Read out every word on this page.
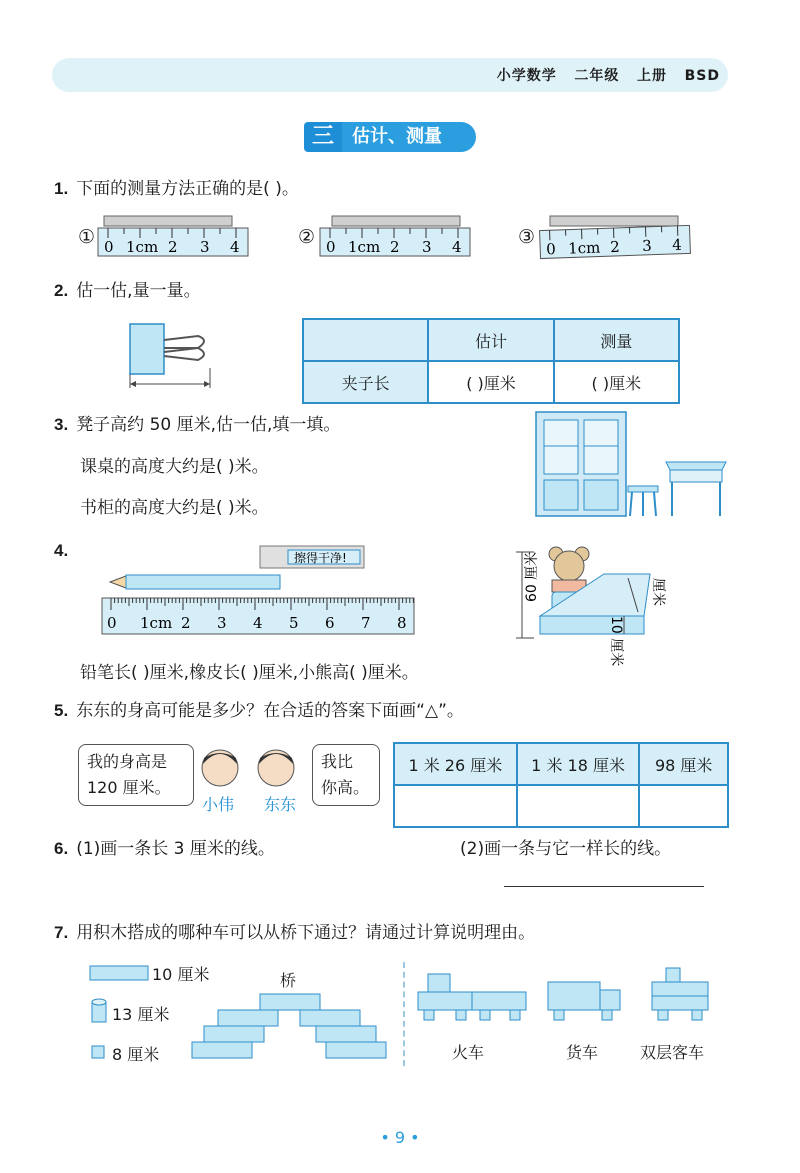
小学数学   二年级   上册   BSD
三	估计、测量
1. 下面的测量方法正确的是( )。
①	②	③
0 1cm 2 3 4	0 1cm 2 3 4	0 1cm 2 3 4
2. 估一估,量一量。
	估计	测量
夹子长	( )厘米	( )厘米
3. 凳子高约 50 厘米,估一估,填一填。
课桌的高度大约是( )米。
书柜的高度大约是( )米。
4.	擦得干净!
0 1cm 2 3 4 5 6 7 8
60 厘米	厘米
10 厘米
铅笔长( )厘米,橡皮长( )厘米,小熊高( )厘米。
5. 东东的身高可能是多少？在合适的答案下面画“△”。
我的身高是
120 厘米。
小伟 东东
我比
你高。
1 米 26 厘米	1 米 18 厘米	98 厘米

6. (1)画一条长 3 厘米的线。	(2)画一条与它一样长的线。
7. 用积木搭成的哪种车可以从桥下通过？请通过计算说明理由。
10 厘米
13 厘米
8 厘米
桥
火车	货车	双层客车
• 9 •
